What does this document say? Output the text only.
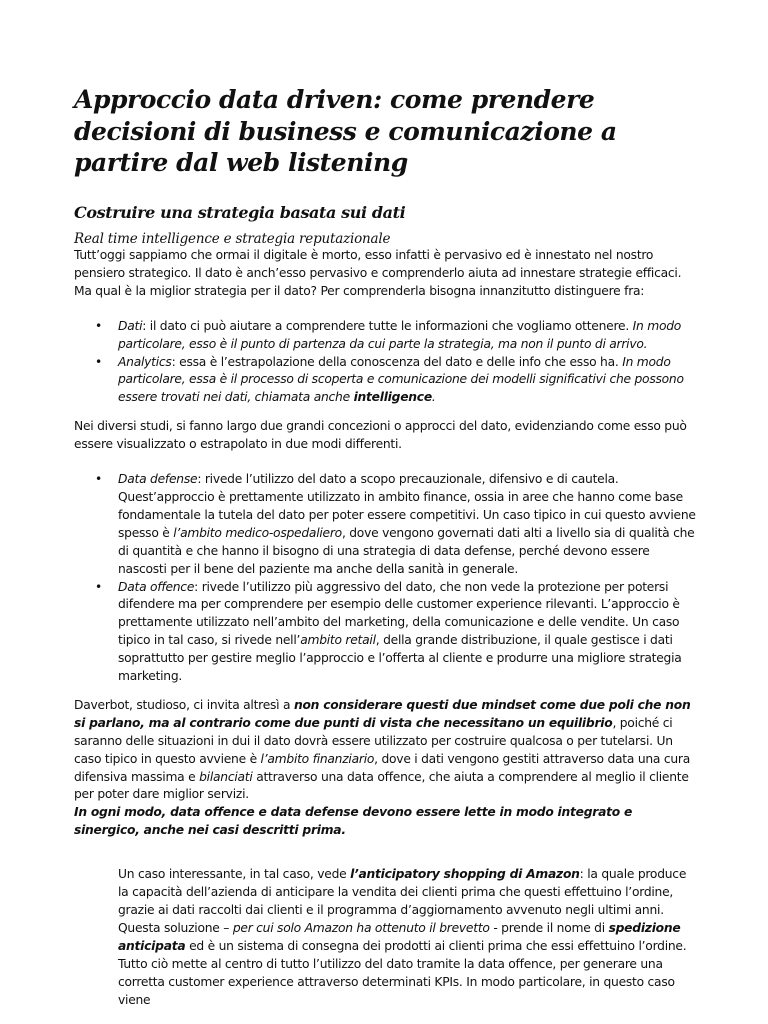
Approccio data driven: come prendere decisioni di business e comunicazione a partire dal web listening
Costruire una strategia basata sui dati
Real time intelligence e strategia reputazionale

Tutt’oggi sappiamo che ormai il digitale è morto, esso infatti è pervasivo ed è innestato nel nostro pensiero strategico. Il dato è anch’esso pervasivo e comprenderlo aiuta ad innestare strategie efficaci. Ma qual è la miglior strategia per il dato? Per comprenderla bisogna innanzitutto distinguere fra:

• Dati: il dato ci può aiutare a comprendere tutte le informazioni che vogliamo ottenere. In modo particolare, esso è il punto di partenza da cui parte la strategia, ma non il punto di arrivo.
• Analytics: essa è l’estrapolazione della conoscenza del dato e delle info che esso ha. In modo particolare, essa è il processo di scoperta e comunicazione dei modelli significativi che possono essere trovati nei dati, chiamata anche intelligence.

Nei diversi studi, si fanno largo due grandi concezioni o approcci del dato, evidenziando come esso può essere visualizzato o estrapolato in due modi differenti.

• Data defense: rivede l’utilizzo del dato a scopo precauzionale, difensivo e di cautela. Quest’approccio è prettamente utilizzato in ambito finance, ossia in aree che hanno come base fondamentale la tutela del dato per poter essere competitivi. Un caso tipico in cui questo avviene spesso è l’ambito medico-ospedaliero, dove vengono governati dati alti a livello sia di qualità che di quantità e che hanno il bisogno di una strategia di data defense, perché devono essere nascosti per il bene del paziente ma anche della sanità in generale.
• Data offence: rivede l’utilizzo più aggressivo del dato, che non vede la protezione per potersi difendere ma per comprendere per esempio delle customer experience rilevanti. L’approccio è prettamente utilizzato nell’ambito del marketing, della comunicazione e delle vendite. Un caso tipico in tal caso, si rivede nell’ambito retail, della grande distribuzione, il quale gestisce i dati soprattutto per gestire meglio l’approccio e l’offerta al cliente e produrre una migliore strategia marketing.

Daverbot, studioso, ci invita altresì a non considerare questi due mindset come due poli che non si parlano, ma al contrario come due punti di vista che necessitano un equilibrio, poiché ci saranno delle situazioni in dui il dato dovrà essere utilizzato per costruire qualcosa o per tutelarsi. Un caso tipico in questo avviene è l’ambito finanziario, dove i dati vengono gestiti attraverso data una cura difensiva massima e bilanciati attraverso una data offence, che aiuta a comprendere al meglio il cliente per poter dare miglior servizi.

In ogni modo, data offence e data defense devono essere lette in modo integrato e sinergico, anche nei casi descritti prima.

Un caso interessante, in tal caso, vede l’anticipatory shopping di Amazon: la quale produce la capacità dell’azienda di anticipare la vendita dei clienti prima che questi effettuino l’ordine, grazie ai dati raccolti dai clienti e il programma d’aggiornamento avvenuto negli ultimi anni. Questa soluzione – per cui solo Amazon ha ottenuto il brevetto - prende il nome di spedizione anticipata ed è un sistema di consegna dei prodotti ai clienti prima che essi effettuino l’ordine.

Tutto ciò mette al centro di tutto l’utilizzo del dato tramite la data offence, per generare una corretta customer experience attraverso determinati KPIs. In modo particolare, in questo caso viene
